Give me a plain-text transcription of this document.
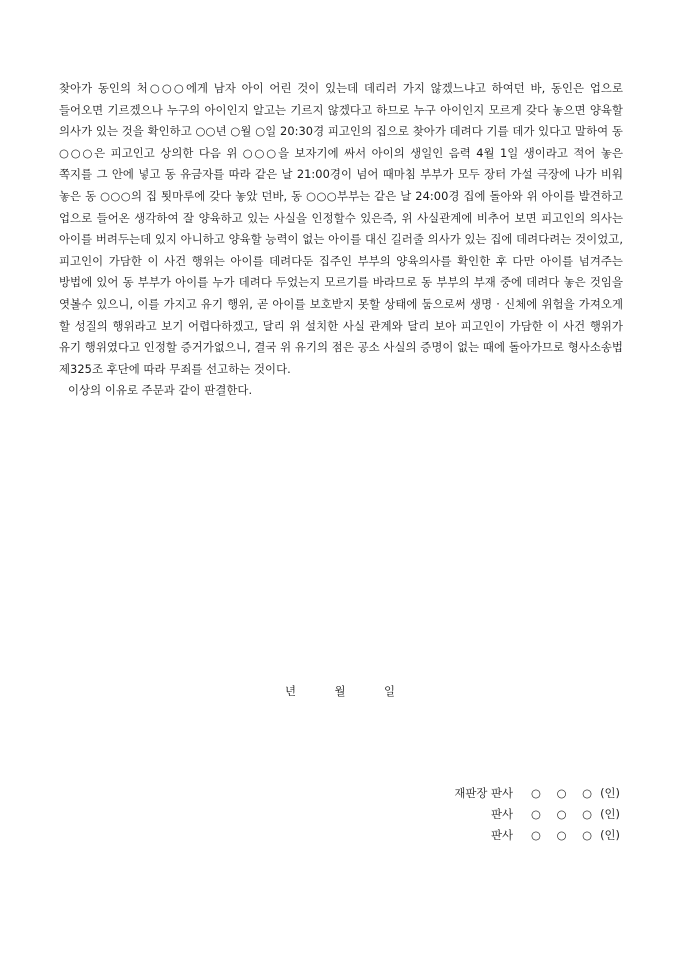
찾아가 동인의 처○○○에게 남자 아이 어린 것이 있는데 데리러 가지 않겠느냐고 하여던 바, 동인은 업으로 들어오면 기르겠으나 누구의 아이인지 알고는 기르지 않겠다고 하므로 누구 아이인지 모르게 갖다 놓으면 양육할 의사가 있는 것을 확인하고 ○○년 ○월 ○일 20:30경 피고인의 집으로 찾아가 데려다 기를 데가 있다고 말하여 동 ○○○은 피고인고 상의한 다음 위 ○○○을 보자기에 싸서 아이의 생일인 음력 4월 1일 생이라고 적어 놓은 쪽지를 그 안에 넣고 동 유금자를 따라 같은 날 21:00경이 넘어 때마침 부부가 모두 장터 가설 극장에 나가 비워 놓은 동 ○○○의 집 툇마루에 갖다 놓았 던바, 동 ○○○부부는 같은 날 24:00경 집에 돌아와 위 아이를 발견하고 업으로 들어온 생각하여 잘 양육하고 있는 사실을 인정할수 있은즉, 위 사실관계에 비추어 보면 피고인의 의사는 아이를 버려두는데 있지 아니하고 양육할 능력이 없는 아이를 대신 길러줄 의사가 있는 집에 데려다려는 것이었고, 피고인이 가담한 이 사건 행위는 아이를 데려다둔 집주인 부부의 양육의사를 확인한 후 다만 아이를 넘겨주는 방법에 있어 동 부부가 아이를 누가 데려다 두었는지 모르기를 바라므로 동 부부의 부재 중에 데려다 놓은 것임을 엿볼수 있으니, 이를 가지고 유기 행위, 곧 아이를 보호받지 못할 상태에 둠으로써 생명 · 신체에 위험을 가져오게 할 성질의 행위라고 보기 어렵다하겠고, 달리 위 설치한 사실 관계와 달리 보아 피고인이 가담한 이 사건 행위가 유기 행위였다고 인정할 증거가없으니, 결국 위 유기의 점은 공소 사실의 증명이 없는 때에 돌아가므로 형사소송법 제325조 후단에 따라 무죄를 선고하는 것이다.

이상의 이유로 주문과 같이 판결한다.

년	월	일
재판장 판사 ○ ○ ○ (인)
판사 ○ ○ ○ (인)
판사 ○ ○ ○ (인)
